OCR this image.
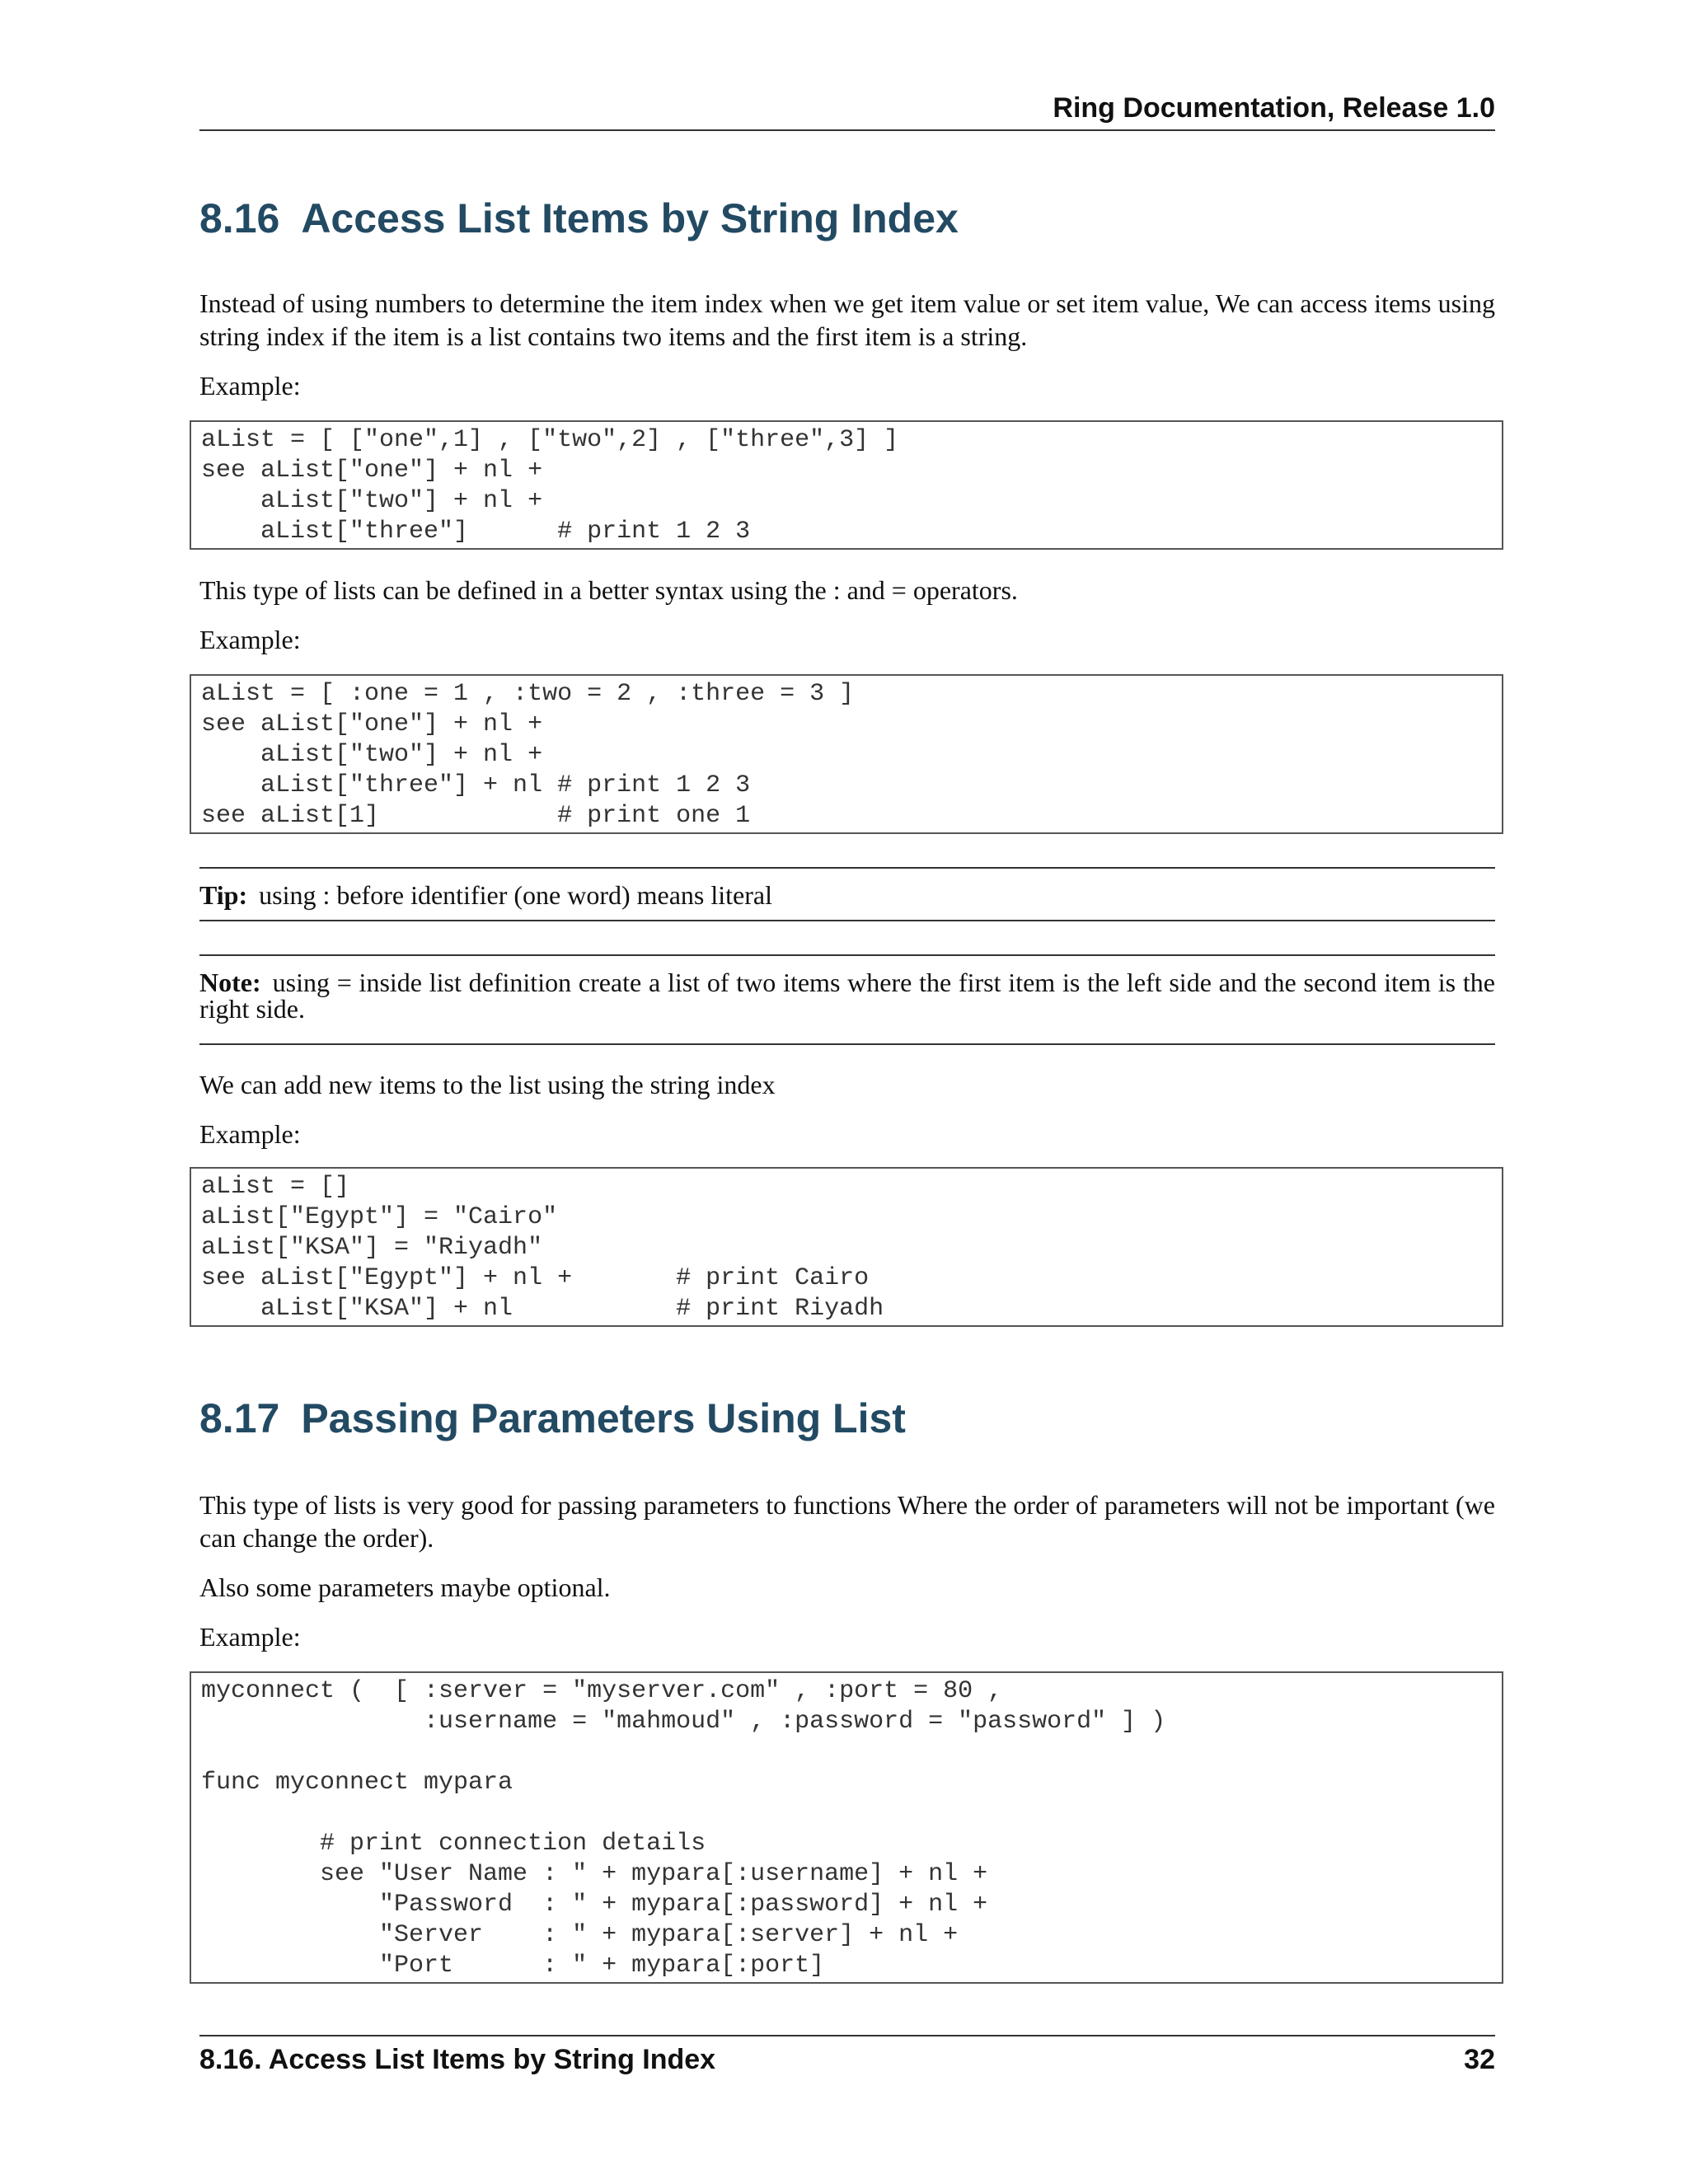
Ring Documentation, Release 1.0
8.16 Access List Items by String Index

Instead of using numbers to determine the item index when we get item value or set item value, We can access items using string index if the item is a list contains two items and the first item is a string.

Example:

aList = [ ["one",1] , ["two",2] , ["three",3] ]
see aList["one"] + nl +
aList["two"] + nl +
aList["three"]      # print 1 2 3

This type of lists can be defined in a better syntax using the : and = operators.

Example:

aList = [ :one = 1 , :two = 2 , :three = 3 ]
see aList["one"] + nl +
aList["two"] + nl +
aList["three"] + nl # print 1 2 3
see aList[1]            # print one 1
Tip: using : before identifier (one word) means literal
Note: using = inside list definition create a list of two items where the first item is the left side and the second item is the right side.

We can add new items to the list using the string index

Example:

aList = []
aList["Egypt"] = "Cairo"
aList["KSA"] = "Riyadh"
see aList["Egypt"] + nl +       # print Cairo
aList["KSA"] + nl           # print Riyadh
8.17 Passing Parameters Using List

This type of lists is very good for passing parameters to functions Where the order of parameters will not be important (we can change the order).

Also some parameters maybe optional.

Example:

myconnect (  [ :server = "myserver.com" , :port = 80 ,
:username = "mahmoud" , :password = "password" ] )

func myconnect mypara

# print connection details
see "User Name : " + mypara[:username] + nl +
"Password  : " + mypara[:password] + nl +
"Server    : " + mypara[:server] + nl +
"Port      : " + mypara[:port]
8.16. Access List Items by String Index	32
